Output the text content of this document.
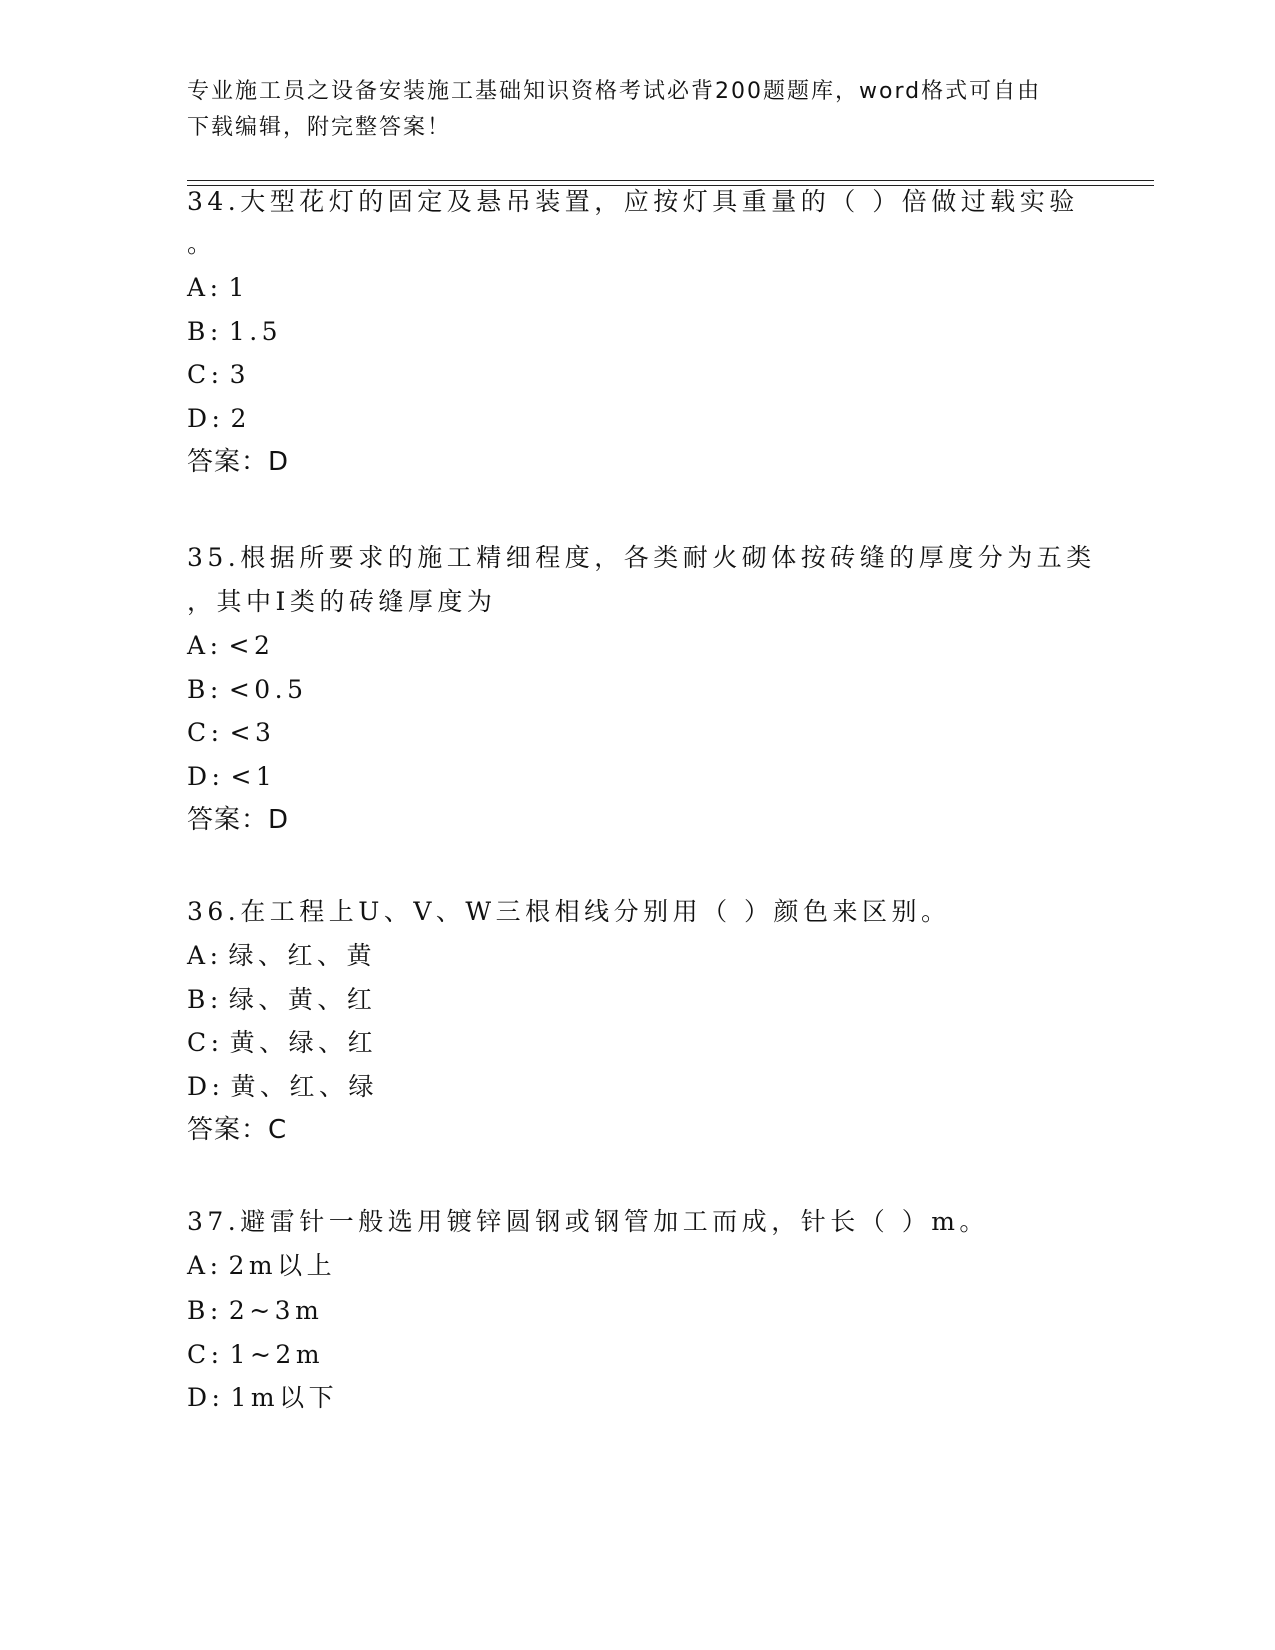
专业施工员之设备安装施工基础知识资格考试必背200题题库，word格式可自由
下载编辑，附完整答案！
34.大型花灯的固定及悬吊装置，应按灯具重量的（ ）倍做过载实验
。
A: 1
B: 1.5
C: 3
D: 2
答案：D
35.根据所要求的施工精细程度，各类耐火砌体按砖缝的厚度分为五类
，其中Ⅰ类的砖缝厚度为
A: <2
B: <0.5
C: <3
D: <1
答案：D
36.在工程上U、V、W三根相线分别用（ ）颜色来区别。
A: 绿、红、黄
B: 绿、黄、红
C: 黄、绿、红
D: 黄、红、绿
答案：C
37.避雷针一般选用镀锌圆钢或钢管加工而成，针长（ ）m。
A: 2m以上
B: 2~3m
C: 1~2m
D: 1m以下
